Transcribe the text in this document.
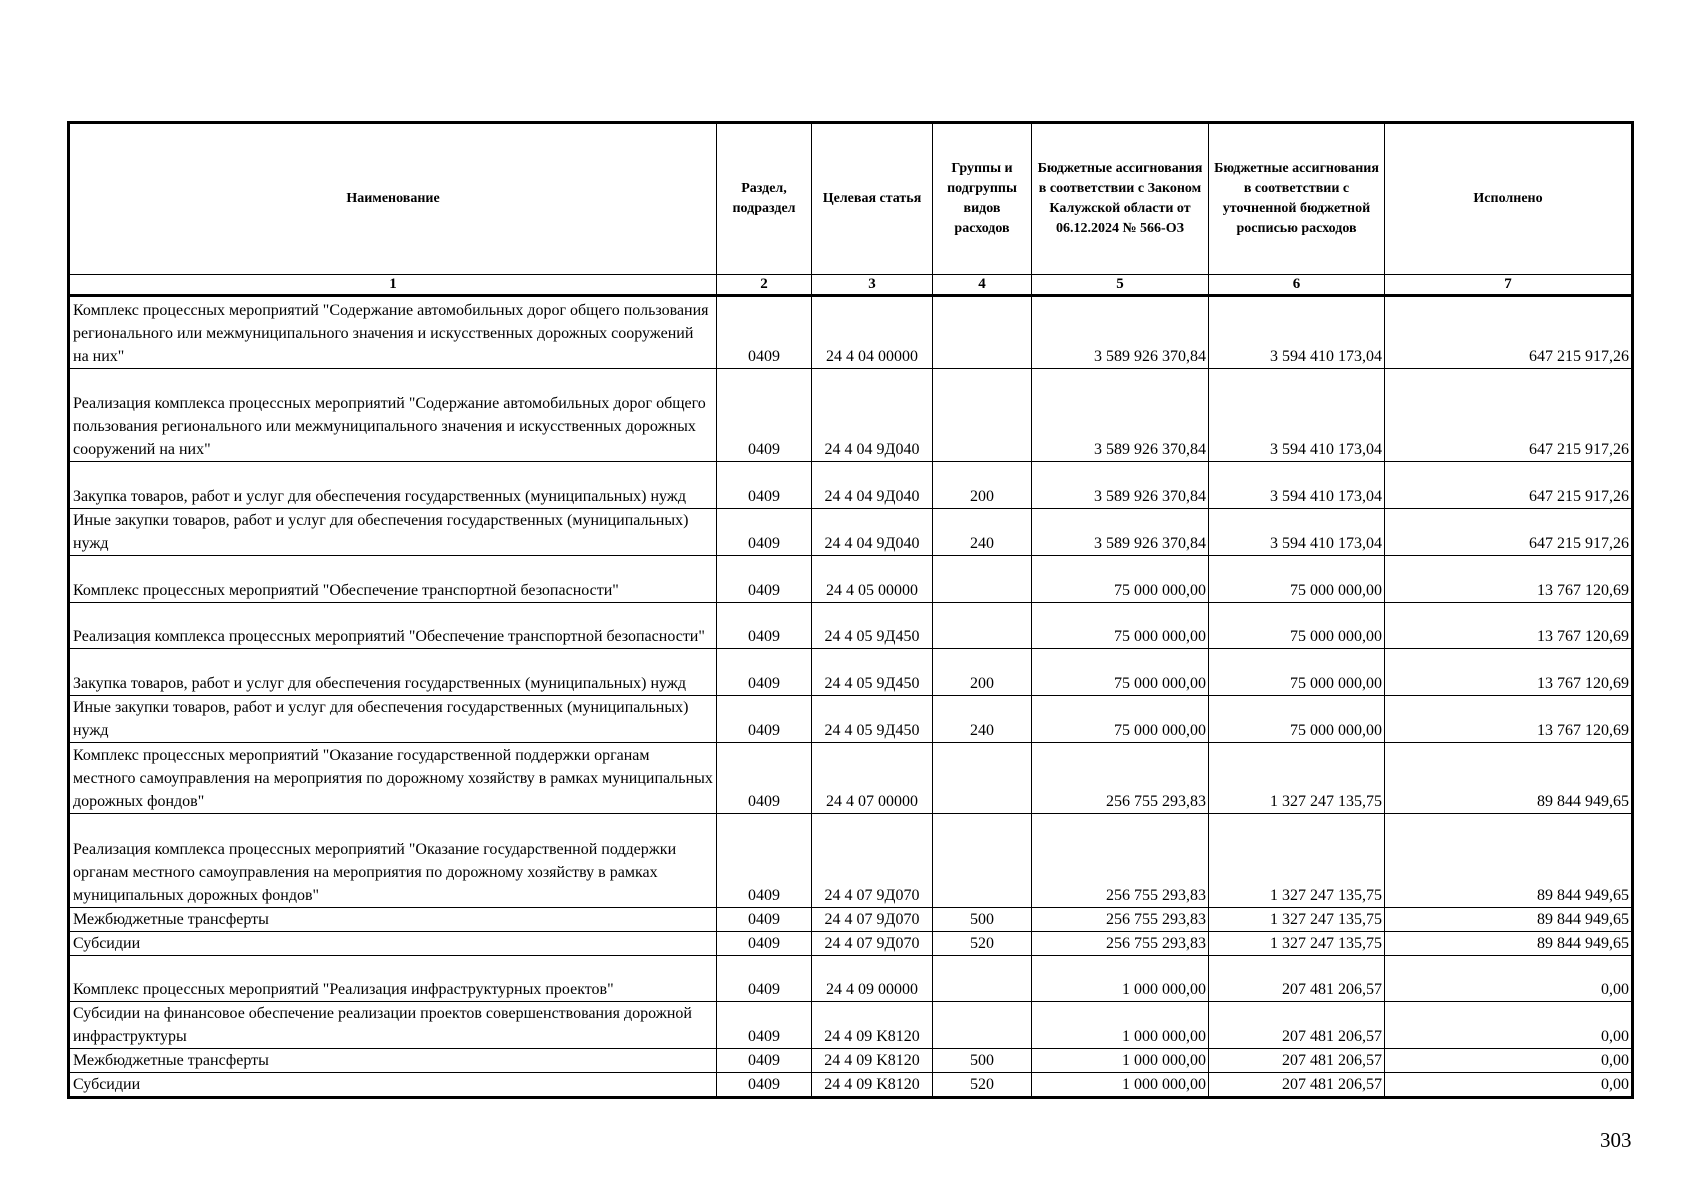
Наименование	Раздел, подраздел	Целевая статья	Группы и подгруппы видов расходов	Бюджетные ассигнования в соответствии с Законом Калужской области от 06.12.2024 № 566-ОЗ	Бюджетные ассигнования в соответствии с уточненной бюджетной росписью расходов	Исполнено
1	2	3	4	5	6	7
Комплекс процессных мероприятий "Содержание автомобильных дорог общего пользования регионального или межмуниципального значения и искусственных дорожных сооружений на них"	0409	24 4 04 00000		3 589 926 370,84	3 594 410 173,04	647 215 917,26
Реализация комплекса процессных мероприятий "Содержание автомобильных дорог общего пользования регионального или межмуниципального значения и искусственных дорожных сооружений на них"	0409	24 4 04 9Д040		3 589 926 370,84	3 594 410 173,04	647 215 917,26
Закупка товаров, работ и услуг для обеспечения государственных (муниципальных) нужд	0409	24 4 04 9Д040	200	3 589 926 370,84	3 594 410 173,04	647 215 917,26
Иные закупки товаров, работ и услуг для обеспечения государственных (муниципальных) нужд	0409	24 4 04 9Д040	240	3 589 926 370,84	3 594 410 173,04	647 215 917,26
Комплекс процессных мероприятий "Обеспечение транспортной безопасности"	0409	24 4 05 00000		75 000 000,00	75 000 000,00	13 767 120,69
Реализация комплекса процессных мероприятий "Обеспечение транспортной безопасности"	0409	24 4 05 9Д450		75 000 000,00	75 000 000,00	13 767 120,69
Закупка товаров, работ и услуг для обеспечения государственных (муниципальных) нужд	0409	24 4 05 9Д450	200	75 000 000,00	75 000 000,00	13 767 120,69
Иные закупки товаров, работ и услуг для обеспечения государственных (муниципальных) нужд	0409	24 4 05 9Д450	240	75 000 000,00	75 000 000,00	13 767 120,69
Комплекс процессных мероприятий "Оказание государственной поддержки органам местного самоуправления на мероприятия по дорожному хозяйству в рамках муниципальных дорожных фондов"	0409	24 4 07 00000		256 755 293,83	1 327 247 135,75	89 844 949,65
Реализация комплекса процессных мероприятий "Оказание государственной поддержки органам местного самоуправления на мероприятия по дорожному хозяйству в рамках муниципальных дорожных фондов"	0409	24 4 07 9Д070		256 755 293,83	1 327 247 135,75	89 844 949,65
Межбюджетные трансферты	0409	24 4 07 9Д070	500	256 755 293,83	1 327 247 135,75	89 844 949,65
Субсидии	0409	24 4 07 9Д070	520	256 755 293,83	1 327 247 135,75	89 844 949,65
Комплекс процессных мероприятий "Реализация инфраструктурных проектов"	0409	24 4 09 00000		1 000 000,00	207 481 206,57	0,00
Субсидии на финансовое обеспечение реализации проектов совершенствования дорожной инфраструктуры	0409	24 4 09 K8120		1 000 000,00	207 481 206,57	0,00
Межбюджетные трансферты	0409	24 4 09 K8120	500	1 000 000,00	207 481 206,57	0,00
Субсидии	0409	24 4 09 K8120	520	1 000 000,00	207 481 206,57	0,00
303
